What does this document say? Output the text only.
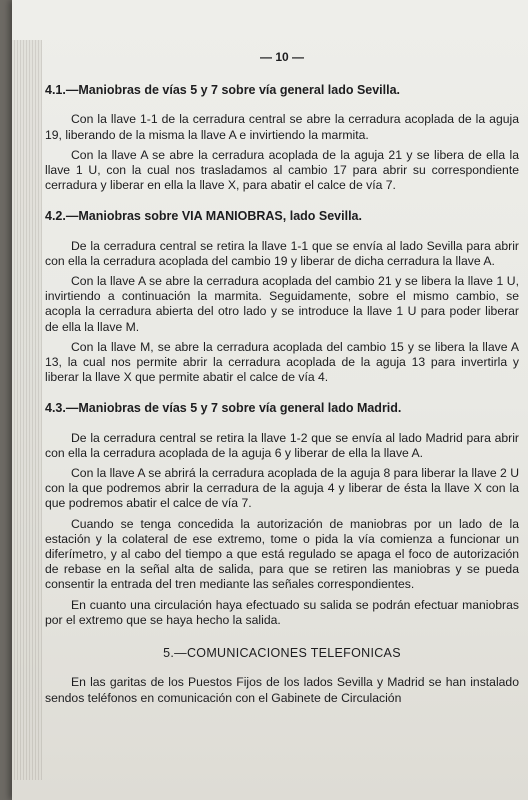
— 10 —
4.1.—Maniobras de vías 5 y 7 sobre vía general lado Sevilla.

Con la llave 1-1 de la cerradura central se abre la cerradura acoplada de la aguja 19, liberando de la misma la llave A e invirtiendo la marmita.

Con la llave A se abre la cerradura acoplada de la aguja 21 y se libera de ella la llave 1 U, con la cual nos trasladamos al cambio 17 para abrir su correspondiente cerradura y liberar en ella la llave X, para abatir el calce de vía 7.

4.2.—Maniobras sobre VIA MANIOBRAS, lado Sevilla.

De la cerradura central se retira la llave 1-1 que se envía al lado Sevilla para abrir con ella la cerradura acoplada del cambio 19 y liberar de dicha cerradura la llave A.

Con la llave A se abre la cerradura acoplada del cambio 21 y se libera la llave 1 U, invirtiendo a continuación la marmita. Seguidamente, sobre el mismo cambio, se acopla la cerradura abierta del otro lado y se introduce la llave 1 U para poder liberar de ella la llave M.

Con la llave M, se abre la cerradura acoplada del cambio 15 y se libera la llave A 13, la cual nos permite abrir la cerradura acoplada de la aguja 13 para invertirla y liberar la llave X que permite abatir el calce de vía 4.

4.3.—Maniobras de vías 5 y 7 sobre vía general lado Madrid.

De la cerradura central se retira la llave 1-2 que se envía al lado Madrid para abrir con ella la cerradura acoplada de la aguja 6 y liberar de ella la llave A.

Con la llave A se abrirá la cerradura acoplada de la aguja 8 para liberar la llave 2 U con la que podremos abrir la cerradura de la aguja 4 y liberar de ésta la llave X con la que podremos abatir el calce de vía 7.

Cuando se tenga concedida la autorización de maniobras por un lado de la estación y la colateral de ese extremo, tome o pida la vía comienza a funcionar un diferímetro, y al cabo del tiempo a que está regulado se apaga el foco de autorización de rebase en la señal alta de salida, para que se retiren las maniobras y se pueda consentir la entrada del tren mediante las señales correspondientes.

En cuanto una circulación haya efectuado su salida se podrán efectuar maniobras por el extremo que se haya hecho la salida.

5.—COMUNICACIONES TELEFONICAS

En las garitas de los Puestos Fijos de los lados Sevilla y Madrid se han instalado sendos teléfonos en comunicación con el Gabinete de Circulación
